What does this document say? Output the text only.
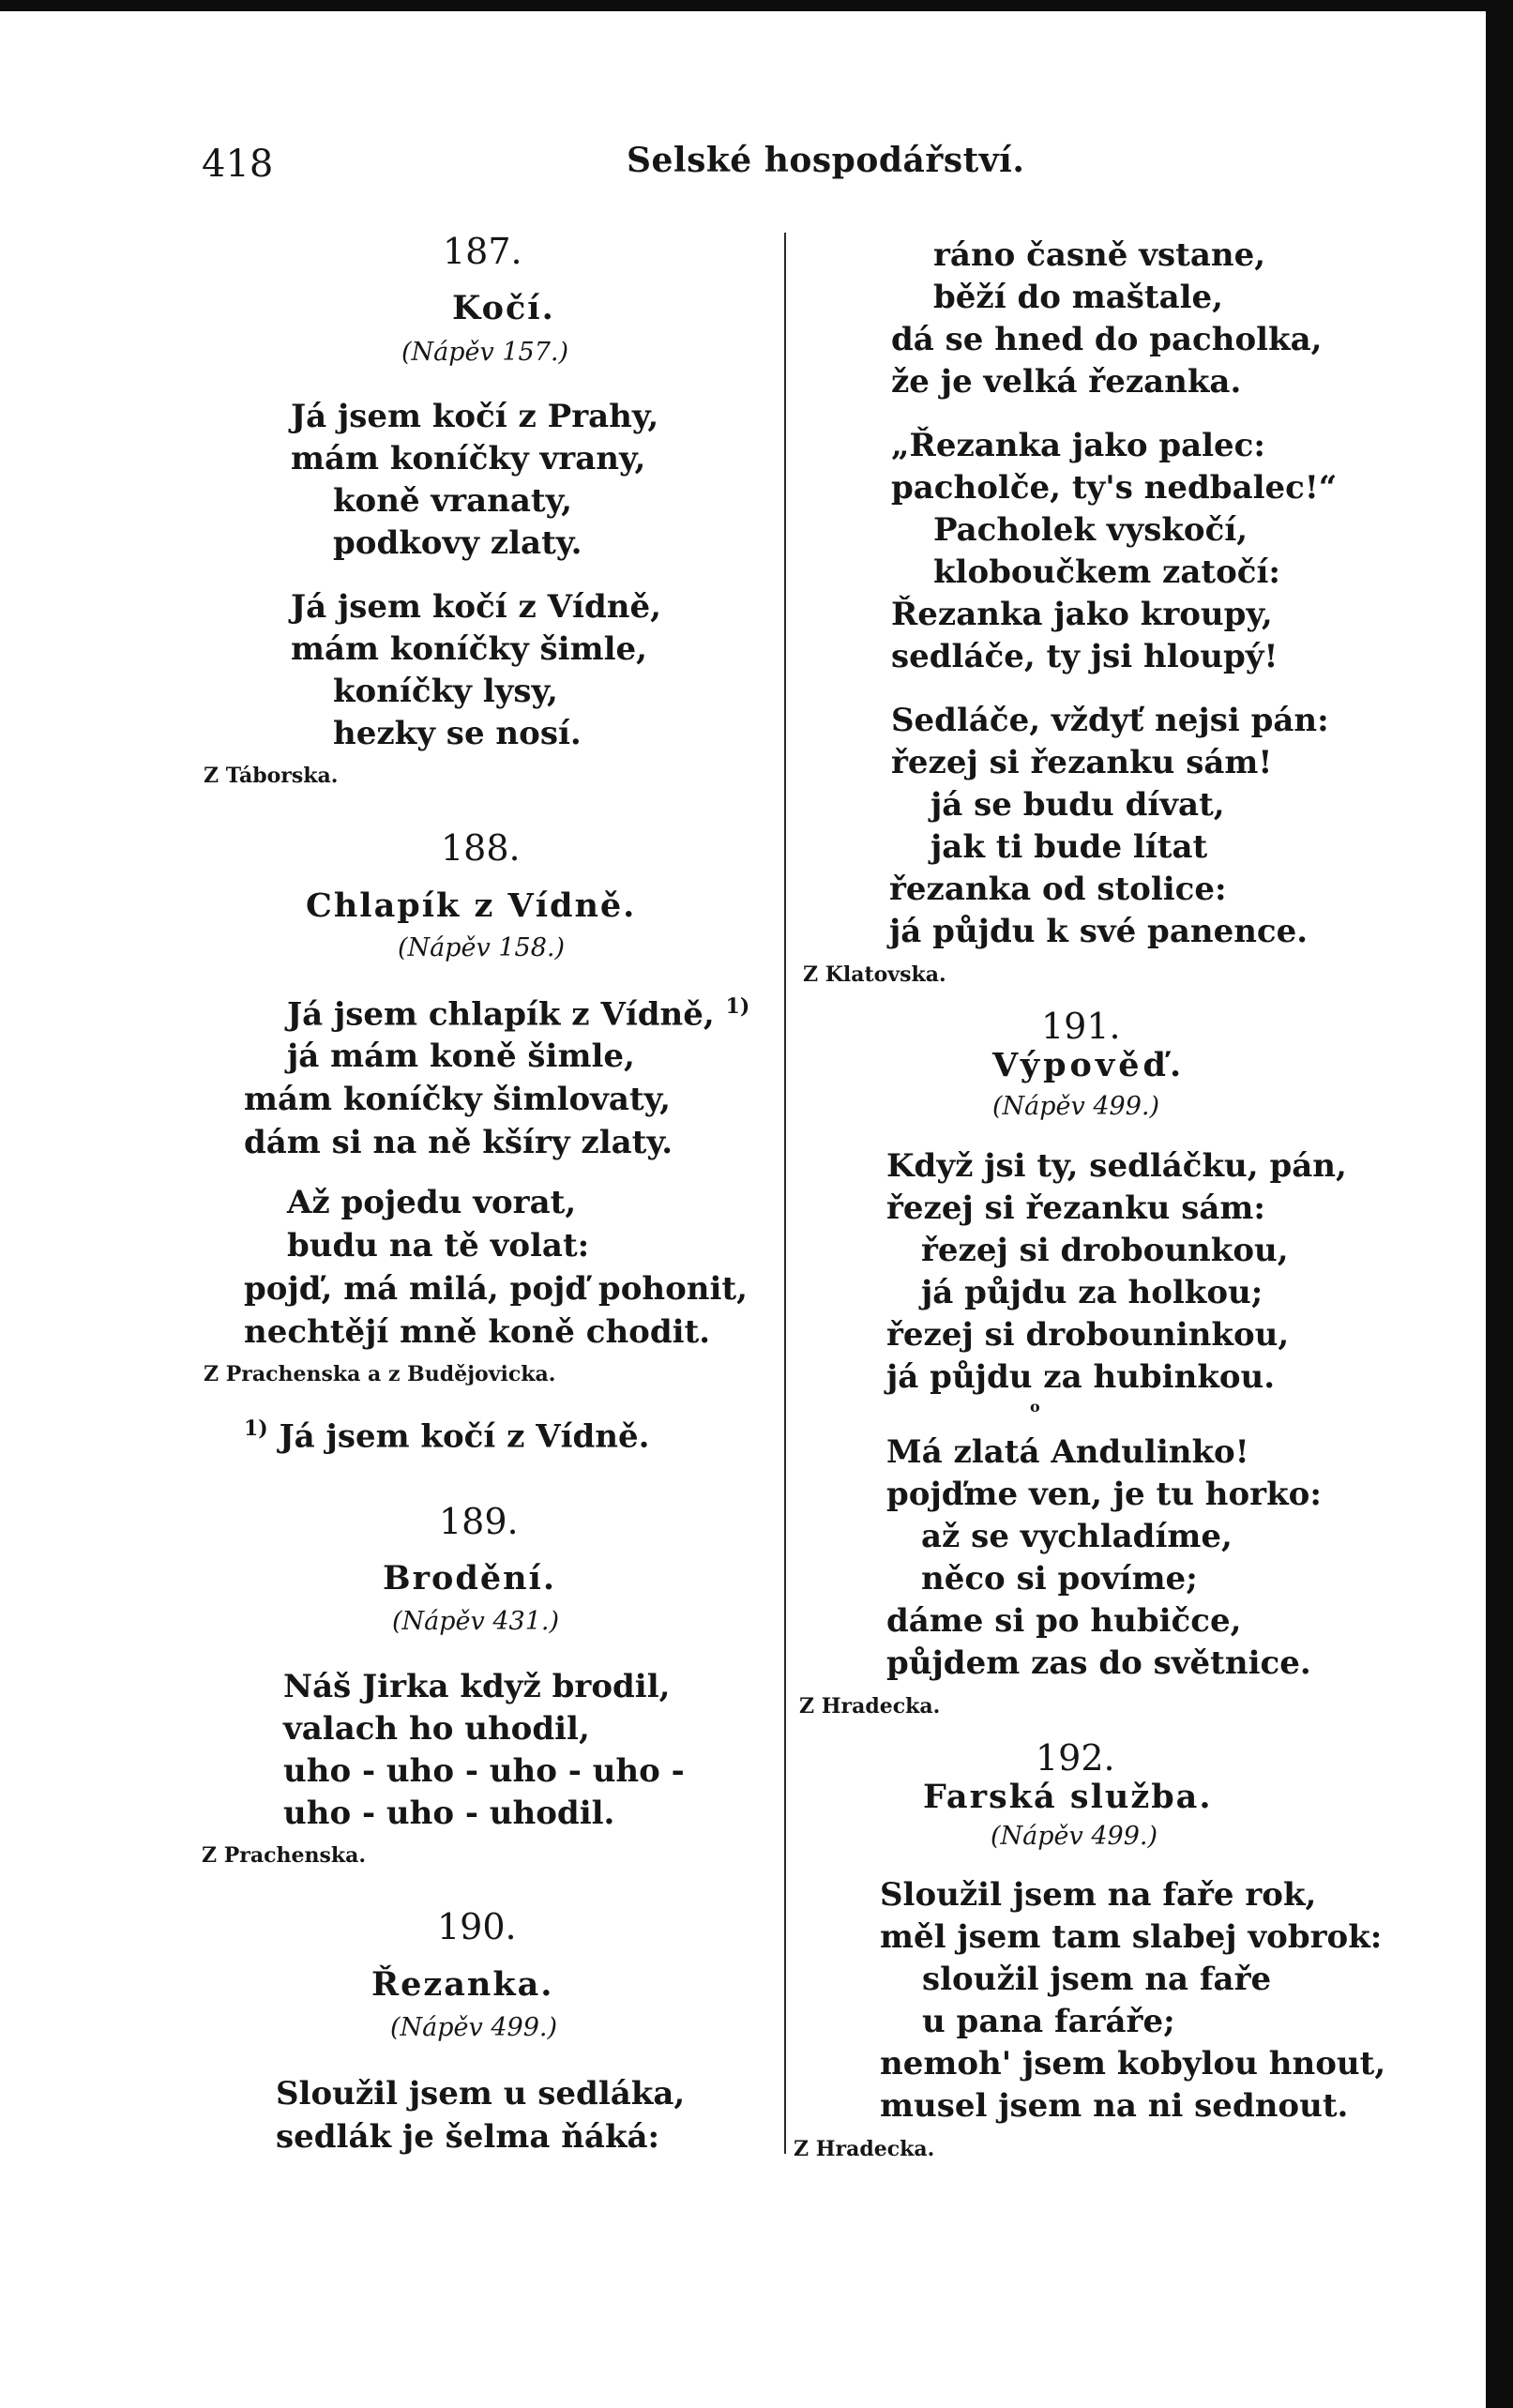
418	Selské hospodářství.
187.
Kočí.
(Nápěv 157.)
Já jsem kočí z Prahy,
mám koníčky vrany,
koně vranaty,
podkovy zlaty.
Já jsem kočí z Vídně,
mám koníčky šimle,
koníčky lysy,
hezky se nosí.
Z Táborska.
188.
Chlapík z Vídně.
(Nápěv 158.)
Já jsem chlapík z Vídně, $^{1)}$
já mám koně šimle,
mám koníčky šimlovaty,
dám si na ně kšíry zlaty.
Až pojedu vorat,
budu na tě volat:
pojď, má milá, pojď pohonit,
nechtějí mně koně chodit.
Z Prachenska a z Budějovicka.
$^{1)}$ Já jsem kočí z Vídně.
189.
Brodění.
(Nápěv 431.)
Náš Jirka když brodil,
valach ho uhodil,
uho - uho - uho - uho -
uho - uho - uhodil.
Z Prachenska.
190.
Řezanka.
(Nápěv 499.)
Sloužil jsem u sedláka,
sedlák je šelma ňáká:
ráno časně vstane,
běží do maštale,
dá se hned do pacholka,
že je velká řezanka.
„Řezanka jako palec:
pacholče, ty's nedbalec!“
Pacholek vyskočí,
kloboučkem zatočí:
Řezanka jako kroupy,
sedláče, ty jsi hloupý!
Sedláče, vždyť nejsi pán:
řezej si řezanku sám!
já se budu dívat,
jak ti bude lítat
řezanka od stolice:
já půjdu k své panence.
Z Klatovska.
191.
Výpověď.
(Nápěv 499.)
Když jsi ty, sedláčku, pán,
řezej si řezanku sám:
řezej si drobounkou,
já půjdu za holkou;
řezej si drobouninkou,
já půjdu za hubinkou.
o
Má zlatá Andulinko!
pojďme ven, je tu horko:
až se vychladíme,
něco si povíme;
dáme si po hubičce,
půjdem zas do světnice.
Z Hradecka.
192.
Farská služba.
(Nápěv 499.)
Sloužil jsem na faře rok,
měl jsem tam slabej vobrok:
sloužil jsem na faře
u pana faráře;
nemoh' jsem kobylou hnout,
musel jsem na ni sednout.
Z Hradecka.
